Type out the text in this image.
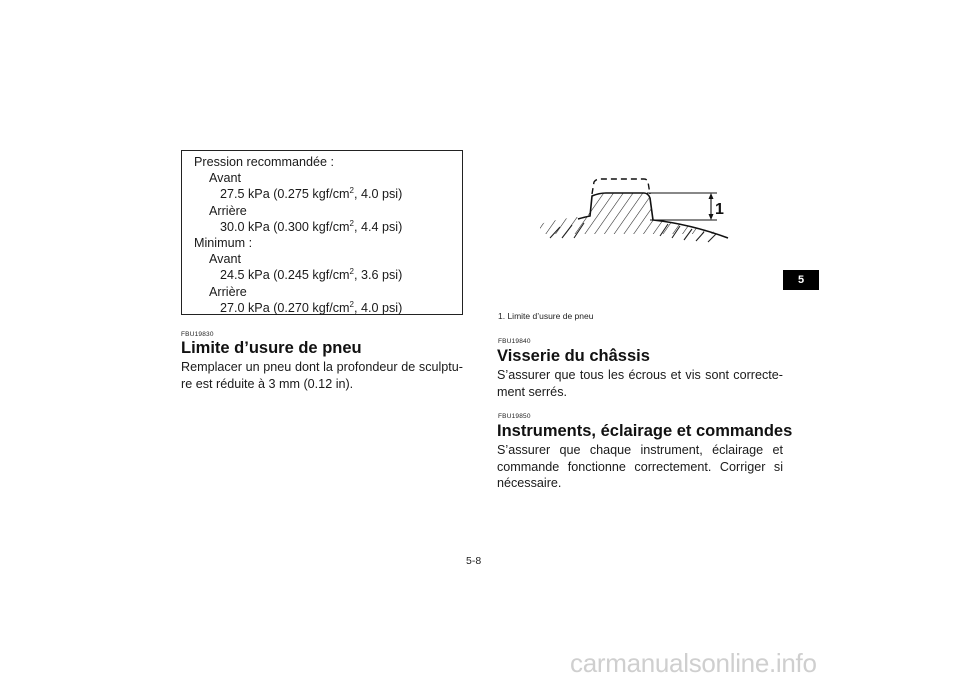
Pression recommandée :
Avant
27.5 kPa (0.275 kgf/$cm^2$, 4.0 psi)
Arrière
30.0 kPa (0.300 kgf/$cm^2$, 4.4 psi)
Minimum :
Avant
24.5 kPa (0.245 kgf/$cm^2$, 3.6 psi)
Arrière
27.0 kPa (0.270 kgf/$cm^2$, 4.0 psi)
FBU19830
Limite d’usure de pneu
Remplacer un pneu dont la profondeur de sculptu-
re est réduite à 3 mm (0.12 in).
1
1. Limite d’usure de pneu
FBU19840
Visserie du châssis
S’assurer que tous les écrous et vis sont correcte-
ment serrés.
FBU19850
Instruments, éclairage et commandes
S’assurer que chaque instrument, éclairage et
commande fonctionne correctement. Corriger si
nécessaire.
5
5-8
carmanualsonline.info
